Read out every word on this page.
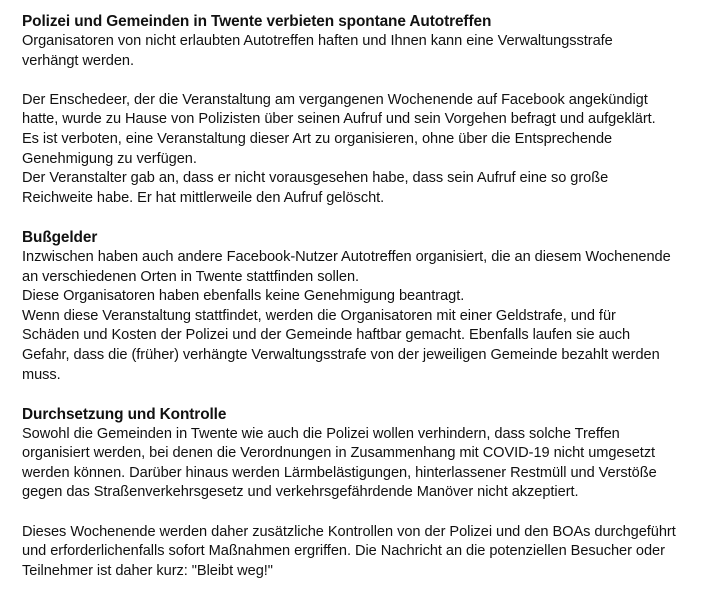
Polizei und Gemeinden in Twente verbieten spontane Autotreffen

Organisatoren von nicht erlaubten Autotreffen haften und Ihnen kann eine Verwaltungsstrafe
verhängt werden.

Der Enschedeer, der die Veranstaltung am vergangenen Wochenende auf Facebook angekündigt
hatte, wurde zu Hause von Polizisten über seinen Aufruf und sein Vorgehen befragt und aufgeklärt.
Es ist verboten, eine Veranstaltung dieser Art zu organisieren, ohne über die Entsprechende
Genehmigung zu verfügen.
Der Veranstalter gab an, dass er nicht vorausgesehen habe, dass sein Aufruf eine so große
Reichweite habe. Er hat mittlerweile den Aufruf gelöscht.

Bußgelder

Inzwischen haben auch andere Facebook-Nutzer Autotreffen organisiert, die an diesem Wochenende
an verschiedenen Orten in Twente stattfinden sollen.
Diese Organisatoren haben ebenfalls keine Genehmigung beantragt.
Wenn diese Veranstaltung stattfindet, werden die Organisatoren mit einer Geldstrafe, und für
Schäden und Kosten der Polizei und der Gemeinde haftbar gemacht. Ebenfalls laufen sie auch
Gefahr, dass die (früher) verhängte Verwaltungsstrafe von der jeweiligen Gemeinde bezahlt werden
muss.

Durchsetzung und Kontrolle

Sowohl die Gemeinden in Twente wie auch die Polizei wollen verhindern, dass solche Treffen
organisiert werden, bei denen die Verordnungen in Zusammenhang mit COVID-19 nicht umgesetzt
werden können. Darüber hinaus werden Lärmbelästigungen, hinterlassener Restmüll und Verstöße
gegen das Straßenverkehrsgesetz und verkehrsgefährdende Manöver nicht akzeptiert.

Dieses Wochenende werden daher zusätzliche Kontrollen von der Polizei und den BOAs durchgeführt
und erforderlichenfalls sofort Maßnahmen ergriffen. Die Nachricht an die potenziellen Besucher oder
Teilnehmer ist daher kurz: "Bleibt weg!"
